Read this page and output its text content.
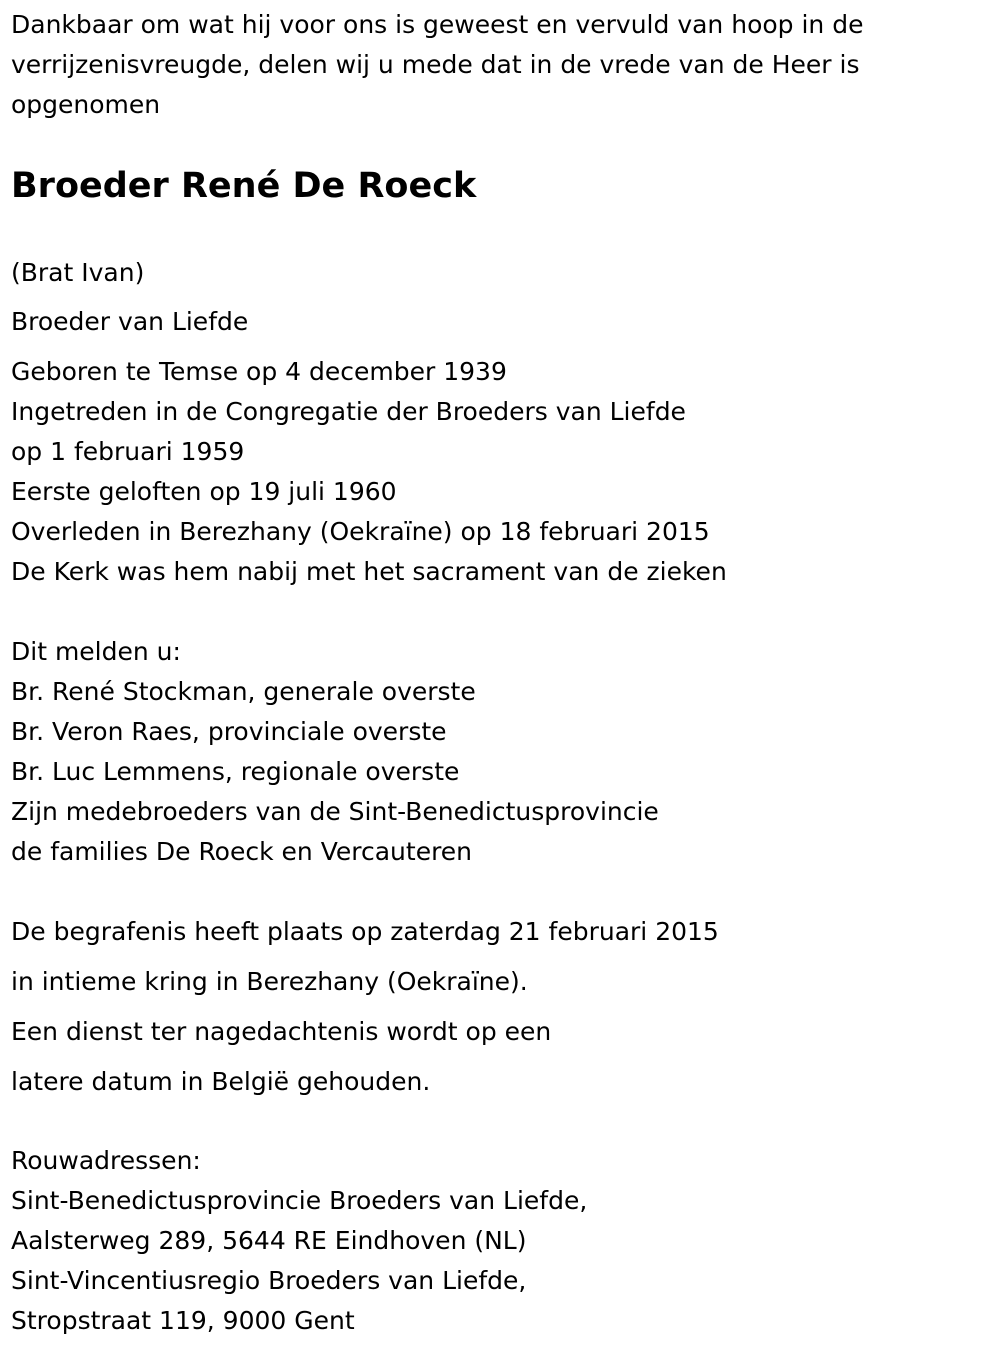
Dankbaar om wat hij voor ons is geweest en vervuld van hoop in de
verrijzenisvreugde, delen wij u mede dat in de vrede van de Heer is
opgenomen
Broeder René De Roeck
(Brat Ivan)
Broeder van Liefde
Geboren te Temse op 4 december 1939
Ingetreden in de Congregatie der Broeders van Liefde
op 1 februari 1959
Eerste geloften op 19 juli 1960
Overleden in Berezhany (Oekraïne) op 18 februari 2015
De Kerk was hem nabij met het sacrament van de zieken
Dit melden u:
Br. René Stockman, generale overste
Br. Veron Raes, provinciale overste
Br. Luc Lemmens, regionale overste
Zijn medebroeders van de Sint-Benedictusprovincie
de families De Roeck en Vercauteren
De begrafenis heeft plaats op zaterdag 21 februari 2015
in intieme kring in Berezhany (Oekraïne).
Een dienst ter nagedachtenis wordt op een
latere datum in België gehouden.
Rouwadressen:
Sint-Benedictusprovincie Broeders van Liefde,
Aalsterweg 289, 5644 RE Eindhoven (NL)
Sint-Vincentiusregio Broeders van Liefde,
Stropstraat 119, 9000 Gent
